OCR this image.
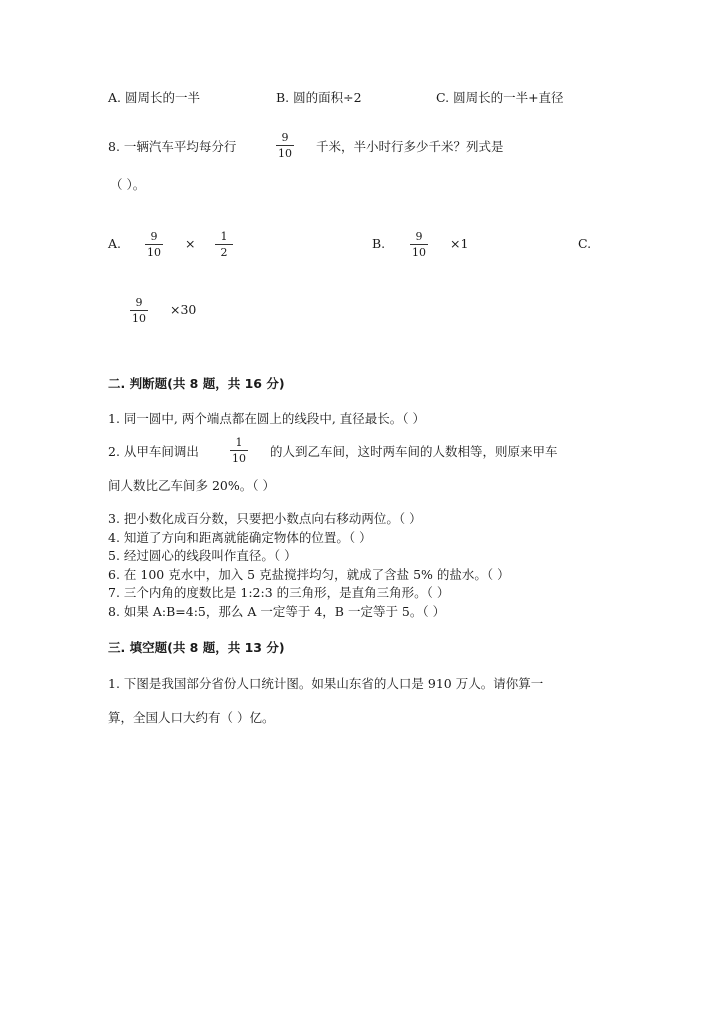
A. 圆周长的一半	B. 圆的面积÷2	C. 圆周长的一半+直径
8. 一辆汽车平均每分行
9
10 千米，半小时行多少千米？列式是
（ ）。
A.	9
10
×	1
2
B.	9
10
×1	C.
9
10
×30
二. 判断题(共 8 题，共 16 分)
1. 同一圆中, 两个端点都在圆上的线段中, 直径最长。（ ）
2. 从甲车间调出
1
10 的人到乙车间，这时两车间的人数相等，则原来甲车
间人数比乙车间多 20%。（ ）
3. 把小数化成百分数，只要把小数点向右移动两位。（ ）
4. 知道了方向和距离就能确定物体的位置。（ ）
5. 经过圆心的线段叫作直径。（ ）
6. 在 100 克水中，加入 5 克盐搅拌均匀，就成了含盐 5% 的盐水。（ ）
7. 三个内角的度数比是 1:2:3 的三角形，是直角三角形。（ ）
8. 如果 A:B=4:5，那么 A 一定等于 4，B 一定等于 5。（ ）
三. 填空题(共 8 题，共 13 分)
1. 下图是我国部分省份人口统计图。如果山东省的人口是 910 万人。请你算一
算，全国人口大约有（ ）亿。
